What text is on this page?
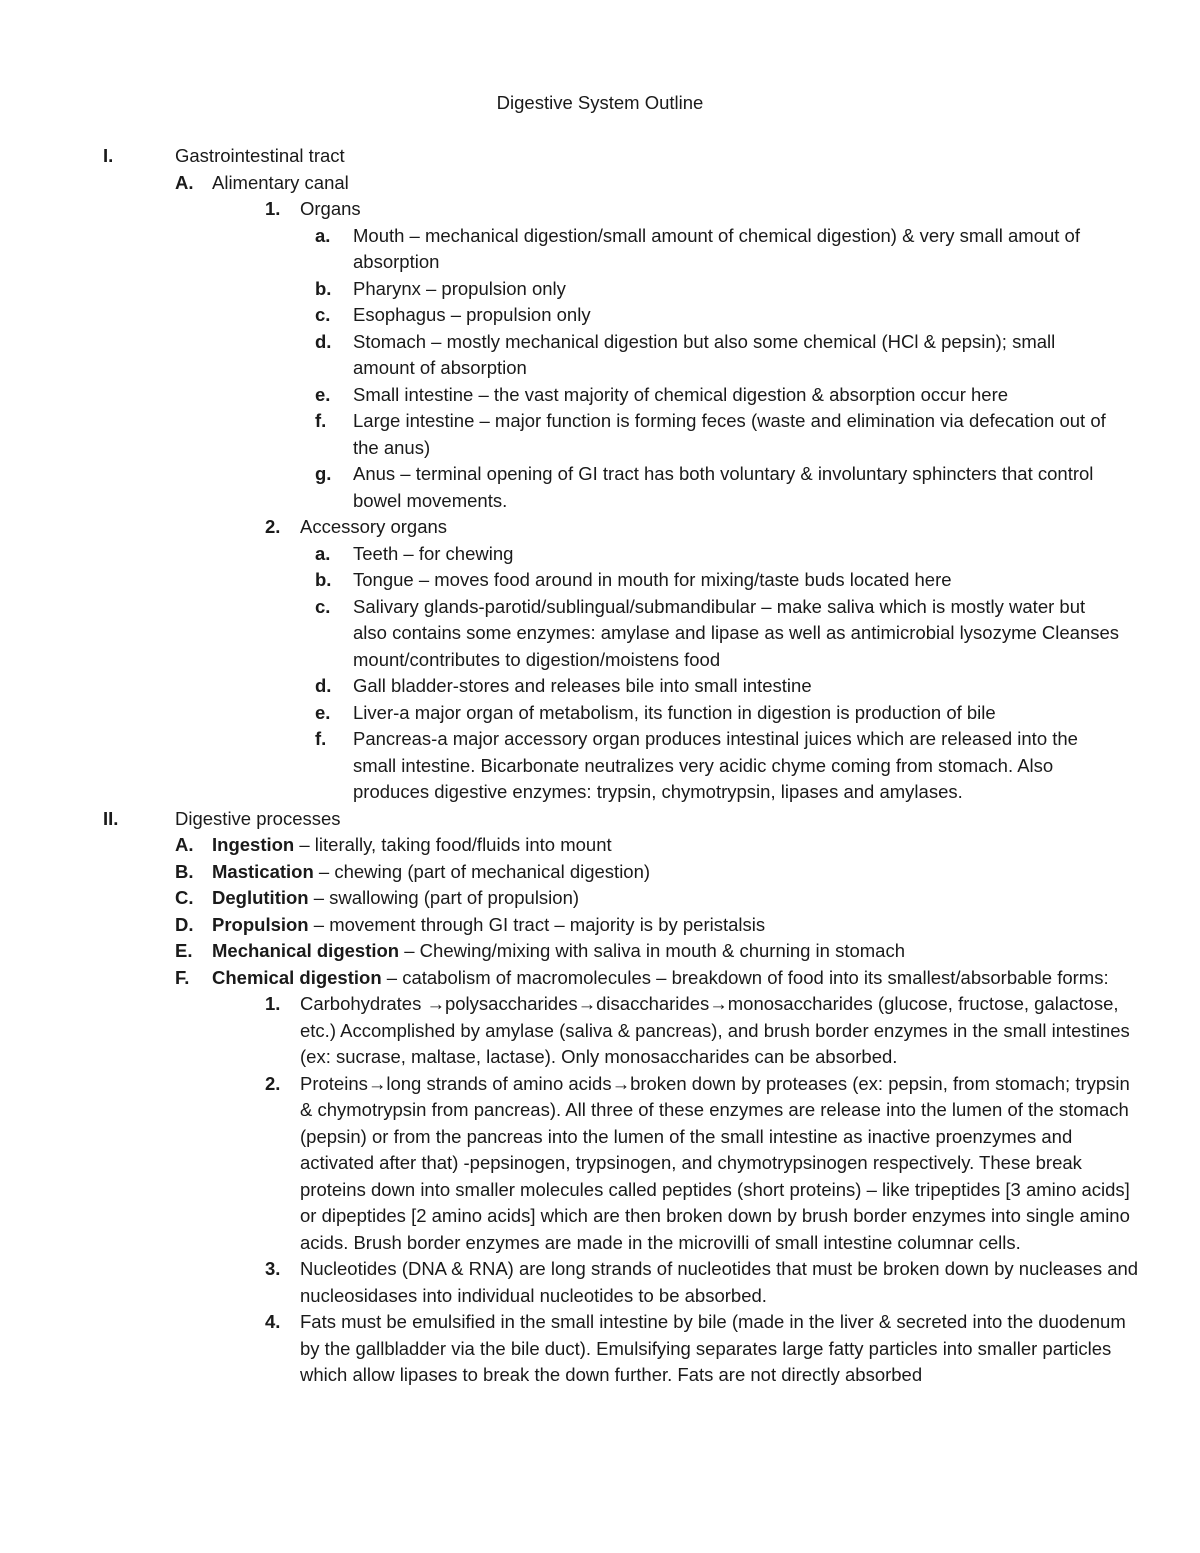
Digestive System Outline
I.	Gastrointestinal tract
A. Alimentary canal
1. Organs
a. Mouth – mechanical digestion/small amount of chemical digestion) & very small amout of absorption
b. Pharynx – propulsion only
c. Esophagus – propulsion only
d. Stomach – mostly mechanical digestion but also some chemical (HCl & pepsin); small amount of absorption
e. Small intestine – the vast majority of chemical digestion & absorption occur here
f. Large intestine – major function is forming feces (waste and elimination via defecation out of the anus)
g. Anus – terminal opening of GI tract has both voluntary & involuntary sphincters that control bowel movements.
2. Accessory organs
a. Teeth – for chewing
b. Tongue – moves food around in mouth for mixing/taste buds located here
c. Salivary glands-parotid/sublingual/submandibular – make saliva which is mostly water but also contains some enzymes: amylase and lipase as well as antimicrobial lysozyme Cleanses mount/contributes to digestion/moistens food
d. Gall bladder-stores and releases bile into small intestine
e. Liver-a major organ of metabolism, its function in digestion is production of bile
f. Pancreas-a major accessory organ produces intestinal juices which are released into the small intestine. Bicarbonate neutralizes very acidic chyme coming from stomach. Also produces digestive enzymes: trypsin, chymotrypsin, lipases and amylases.
II.	Digestive processes
A. Ingestion – literally, taking food/fluids into mount
B. Mastication – chewing (part of mechanical digestion)
C. Deglutition – swallowing (part of propulsion)
D. Propulsion – movement through GI tract – majority is by peristalsis
E. Mechanical digestion – Chewing/mixing with saliva in mouth & churning in stomach
F. Chemical digestion – catabolism of macromolecules – breakdown of food into its smallest/absorbable forms:
1. Carbohydrates →polysaccharides→disaccharides→monosaccharides (glucose, fructose, galactose, etc.) Accomplished by amylase (saliva & pancreas), and brush border enzymes in the small intestines (ex: sucrase, maltase, lactase). Only monosaccharides can be absorbed.
2. Proteins→long strands of amino acids→broken down by proteases (ex: pepsin, from stomach; trypsin & chymotrypsin from pancreas). All three of these enzymes are release into the lumen of the stomach (pepsin) or from the pancreas into the lumen of the small intestine as inactive proenzymes and activated after that) -pepsinogen, trypsinogen, and chymotrypsinogen respectively. These break proteins down into smaller molecules called peptides (short proteins) – like tripeptides [3 amino acids] or dipeptides [2 amino acids] which are then broken down by brush border enzymes into single amino acids. Brush border enzymes are made in the microvilli of small intestine columnar cells.
3. Nucleotides (DNA & RNA) are long strands of nucleotides that must be broken down by nucleases and nucleosidases into individual nucleotides to be absorbed.
4. Fats must be emulsified in the small intestine by bile (made in the liver & secreted into the duodenum by the gallbladder via the bile duct). Emulsifying separates large fatty particles into smaller particles which allow lipases to break the down further. Fats are not directly absorbed
